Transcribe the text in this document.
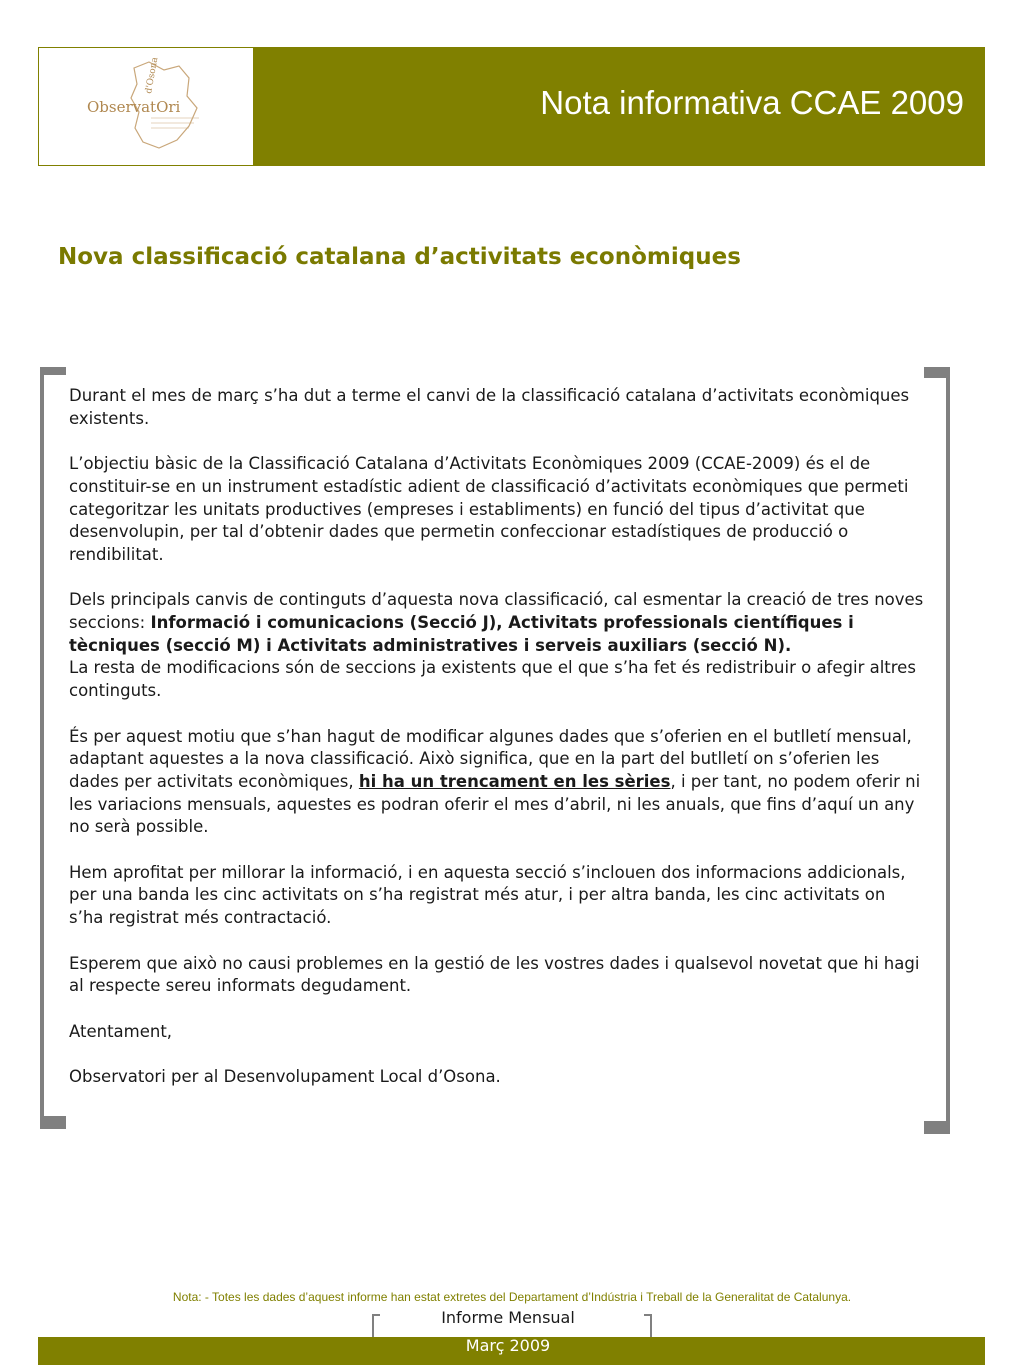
ObservatOri
d'Osona
Nota informativa CCAE 2009
Nova classificació catalana d’activitats econòmiques

Durant el mes de març s’ha dut a terme el canvi de la classificació catalana d’activitats econòmiques existents.

L’objectiu bàsic de la Classificació Catalana d’Activitats Econòmiques 2009 (CCAE-2009) és el de constituir-se en un instrument estadístic adient de classificació d’activitats econòmiques que permeti categoritzar les unitats productives (empreses i establiments) en funció del tipus d’activitat que desenvolupin, per tal d’obtenir dades que permetin confeccionar estadístiques de producció o rendibilitat.

Dels principals canvis de continguts d’aquesta nova classificació, cal esmentar la creació de tres noves seccions: Informació i comunicacions (Secció J), Activitats professionals científiques i tècniques (secció M) i Activitats administratives i serveis auxiliars (secció N).

La resta de modificacions són de seccions ja existents que el que s’ha fet és redistribuir o afegir altres continguts.

És per aquest motiu que s’han hagut de modificar algunes dades que s’oferien en el butlletí mensual, adaptant aquestes a la nova classificació. Això significa, que en la part del butlletí on s’oferien les dades per activitats econòmiques, hi ha un trencament en les sèries, i per tant, no podem oferir ni les variacions mensuals, aquestes es podran oferir el mes d’abril, ni les anuals, que fins d’aquí un any no serà possible.

Hem aprofitat per millorar la informació, i en aquesta secció s’inclouen dos informacions addicionals, per una banda les cinc activitats on s’ha registrat més atur, i per altra banda, les cinc activitats on s’ha registrat més contractació.

Esperem que això no causi problemes en la gestió de les vostres dades i qualsevol novetat que hi hagi al respecte sereu informats degudament.

Atentament,

Observatori per al Desenvolupament Local d’Osona.

Nota: - Totes les dades d’aquest informe han estat extretes del Departament d’Indústria i Treball de la Generalitat de Catalunya.
Informe Mensual
Març 2009
